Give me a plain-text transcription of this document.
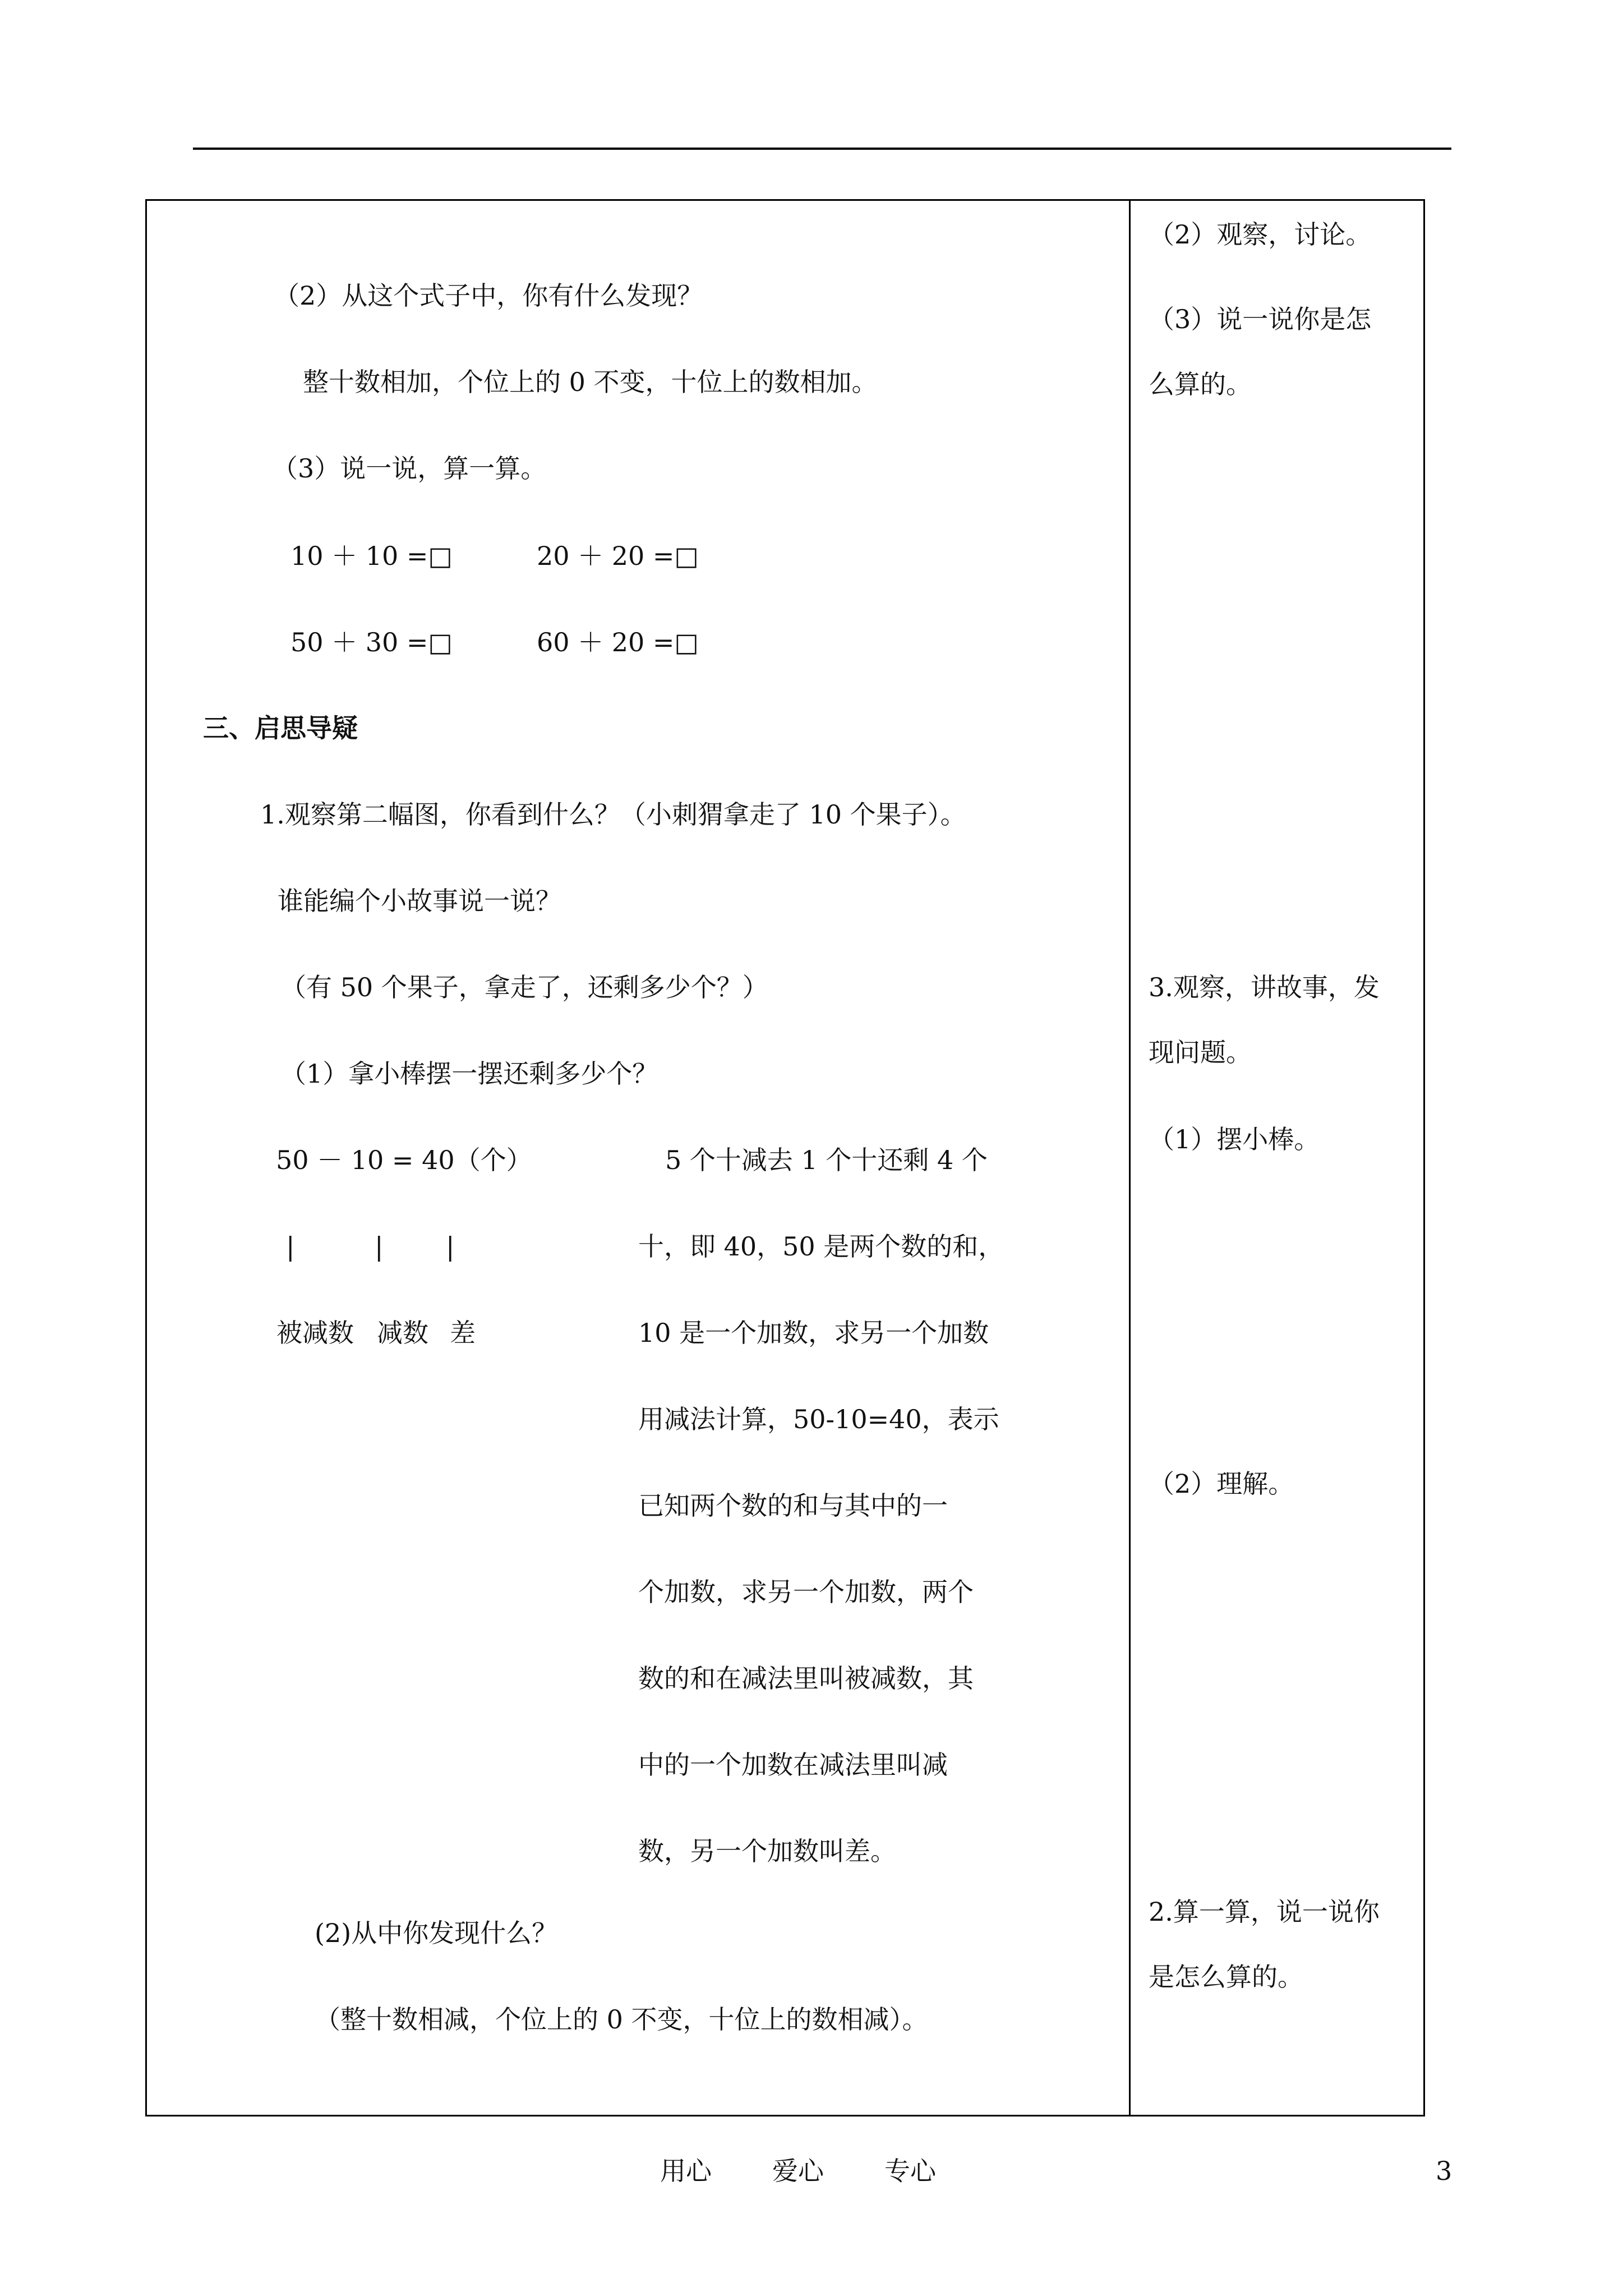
（2）从这个式子中，你有什么发现？
整十数相加，个位上的 0 不变，十位上的数相加。
（3）说一说，算一算。
10 ＋ 10 =□	20 ＋ 20 =□
50 ＋ 30 =□	60 ＋ 20 =□
三、启思导疑
1.观察第二幅图，你看到什么？（小刺猬拿走了 10 个果子）。
谁能编个小故事说一说？
（有 50 个果子，拿走了，还剩多少个？）
（1）拿小棒摆一摆还剩多少个？
50 － 10 = 40（个）
|	| |
被减数 减数 差
5 个十减去 1 个十还剩 4 个
十，即 40，50 是两个数的和，
10 是一个加数，求另一个加数
用减法计算，50-10=40，表示
已知两个数的和与其中的一
个加数，求另一个加数，两个
数的和在减法里叫被减数，其
中的一个加数在减法里叫减
数，另一个加数叫差。
(2)从中你发现什么？
（整十数相减，个位上的 0 不变，十位上的数相减）。
（2）观察，讨论。
（3）说一说你是怎
么算的。
3.观察，讲故事，发
现问题。
（1）摆小棒。
（2）理解。
2.算一算，说一说你
是怎么算的。
用心 爱心 专心	3
